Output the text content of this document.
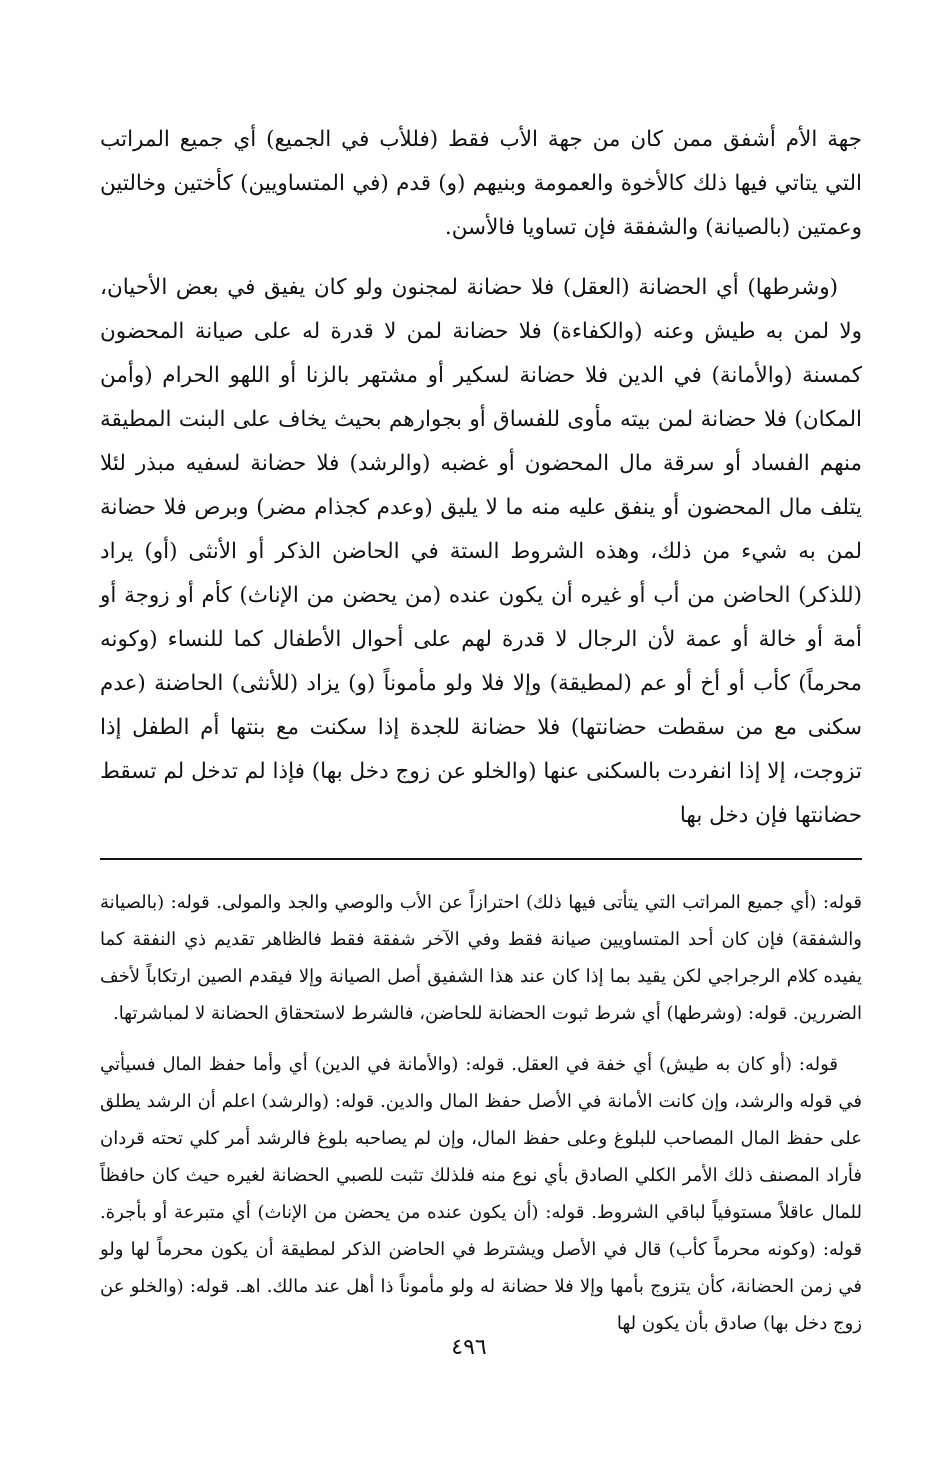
جهة الأم أشفق ممن كان من جهة الأب فقط (فللأب في الجميع) أي جميع المراتب التي يتاتي فيها ذلك كالأخوة والعمومة وبنيهم (و) قدم (في المتساويين) كأختين وخالتين وعمتين (بالصيانة) والشفقة فإن تساويا فالأسن.

(وشرطها) أي الحضانة (العقل) فلا حضانة لمجنون ولو كان يفيق في بعض الأحيان، ولا لمن به طيش وعنه (والكفاءة) فلا حضانة لمن لا قدرة له على صيانة المحضون كمسنة (والأمانة) في الدين فلا حضانة لسكير أو مشتهر بالزنا أو اللهو الحرام (وأمن المكان) فلا حضانة لمن بيته مأوى للفساق أو بجوارهم بحيث يخاف على البنت المطيقة منهم الفساد أو سرقة مال المحضون أو غضبه (والرشد) فلا حضانة لسفيه مبذر لئلا يتلف مال المحضون أو ينفق عليه منه ما لا يليق (وعدم كجذام مضر) وبرص فلا حضانة لمن به شيء من ذلك، وهذه الشروط الستة في الحاضن الذكر أو الأنثى (أو) يراد (للذكر) الحاضن من أب أو غيره أن يكون عنده (من يحضن من الإناث) كأم أو زوجة أو أمة أو خالة أو عمة لأن الرجال لا قدرة لهم على أحوال الأطفال كما للنساء (وكونه محرماً) كأب أو أخ أو عم (لمطيقة) وإلا فلا ولو مأموناً (و) يزاد (للأنثى) الحاضنة (عدم سكنى مع من سقطت حضانتها) فلا حضانة للجدة إذا سكنت مع بنتها أم الطفل إذا تزوجت، إلا إذا انفردت بالسكنى عنها (والخلو عن زوج دخل بها) فإذا لم تدخل لم تسقط حضانتها فإن دخل بها

قوله: (أي جميع المراتب التي يتأتى فيها ذلك) احترازاً عن الأب والوصي والجد والمولى. قوله: (بالصيانة والشفقة) فإن كان أحد المتساويين صيانة فقط وفي الآخر شفقة فقط فالظاهر تقديم ذي النفقة كما يفيده كلام الرجراجي لكن يقيد بما إذا كان عند هذا الشفيق أصل الصيانة وإلا فيقدم الصين ارتكاباً لأخف الضررين. قوله: (وشرطها) أي شرط ثبوت الحضانة للحاضن، فالشرط لاستحقاق الحضانة لا لمباشرتها.

قوله: (أو كان به طيش) أي خفة في العقل. قوله: (والأمانة في الدين) أي وأما حفظ المال فسيأتي في قوله والرشد، وإن كانت الأمانة في الأصل حفظ المال والدين. قوله: (والرشد) اعلم أن الرشد يطلق على حفظ المال المصاحب للبلوغ وعلى حفظ المال، وإن لم يصاحبه بلوغ فالرشد أمر كلي تحته قردان فأراد المصنف ذلك الأمر الكلي الصادق بأي نوع منه فلذلك تثبت للصبي الحضانة لغيره حيث كان حافظاً للمال عاقلاً مستوفياً لباقي الشروط. قوله: (أن يكون عنده من يحضن من الإناث) أي متبرعة أو بأجرة. قوله: (وكونه محرماً كأب) قال في الأصل ويشترط في الحاضن الذكر لمطيقة أن يكون محرماً لها ولو في زمن الحضانة، كأن يتزوج بأمها وإلا فلا حضانة له ولو مأموناً ذا أهل عند مالك. اهـ. قوله: (والخلو عن زوج دخل بها) صادق بأن يكون لها

٤٩٦
